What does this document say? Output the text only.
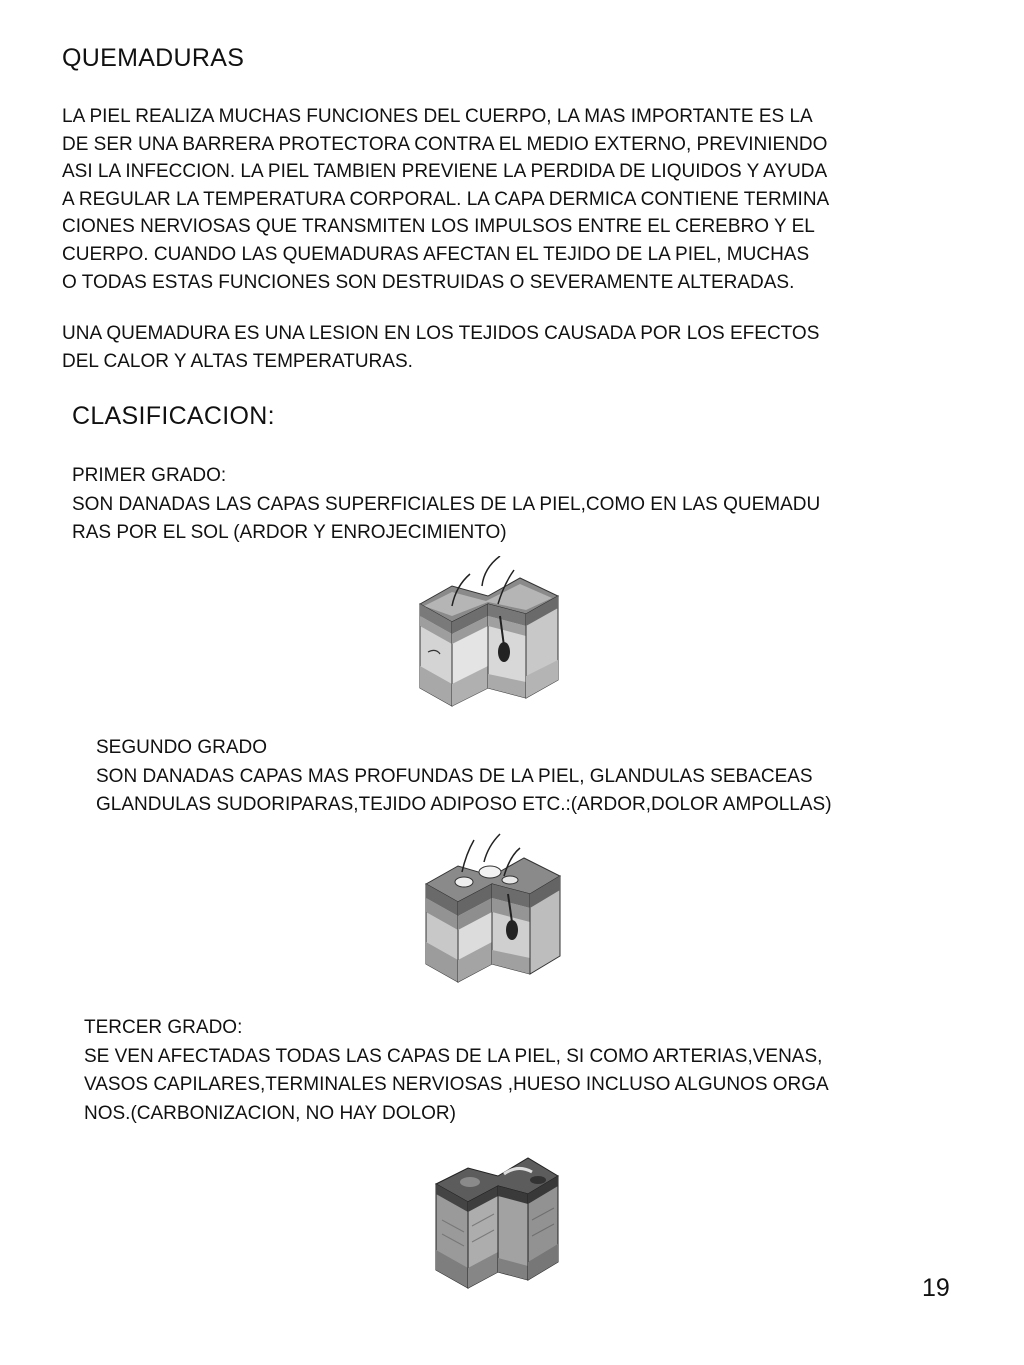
QUEMADURAS
LA PIEL REALIZA MUCHAS FUNCIONES DEL CUERPO, LA MAS IMPORTANTE ES LA
DE SER UNA BARRERA PROTECTORA CONTRA EL MEDIO EXTERNO, PREVINIENDO
ASI LA INFECCION. LA PIEL TAMBIEN PREVIENE LA PERDIDA DE LIQUIDOS Y AYUDA
A REGULAR LA TEMPERATURA CORPORAL. LA CAPA DERMICA CONTIENE TERMINA
CIONES NERVIOSAS QUE TRANSMITEN LOS IMPULSOS ENTRE EL CEREBRO Y EL
CUERPO. CUANDO LAS QUEMADURAS AFECTAN EL TEJIDO DE LA PIEL, MUCHAS
O TODAS ESTAS FUNCIONES SON DESTRUIDAS O SEVERAMENTE ALTERADAS.
UNA QUEMADURA ES UNA LESION EN LOS TEJIDOS CAUSADA POR LOS EFECTOS
DEL CALOR Y ALTAS TEMPERATURAS.
CLASIFICACION:
PRIMER GRADO:
SON DANADAS LAS CAPAS SUPERFICIALES DE LA PIEL,COMO EN LAS QUEMADU
RAS POR EL SOL (ARDOR Y ENROJECIMIENTO)
SEGUNDO GRADO
SON DANADAS CAPAS MAS PROFUNDAS DE LA PIEL, GLANDULAS SEBACEAS
GLANDULAS SUDORIPARAS,TEJIDO ADIPOSO ETC.:(ARDOR,DOLOR AMPOLLAS)
TERCER GRADO:
SE VEN AFECTADAS TODAS LAS CAPAS DE LA PIEL, SI COMO ARTERIAS,VENAS,
VASOS CAPILARES,TERMINALES NERVIOSAS ,HUESO INCLUSO ALGUNOS ORGA
NOS.(CARBONIZACION, NO HAY DOLOR)
19
